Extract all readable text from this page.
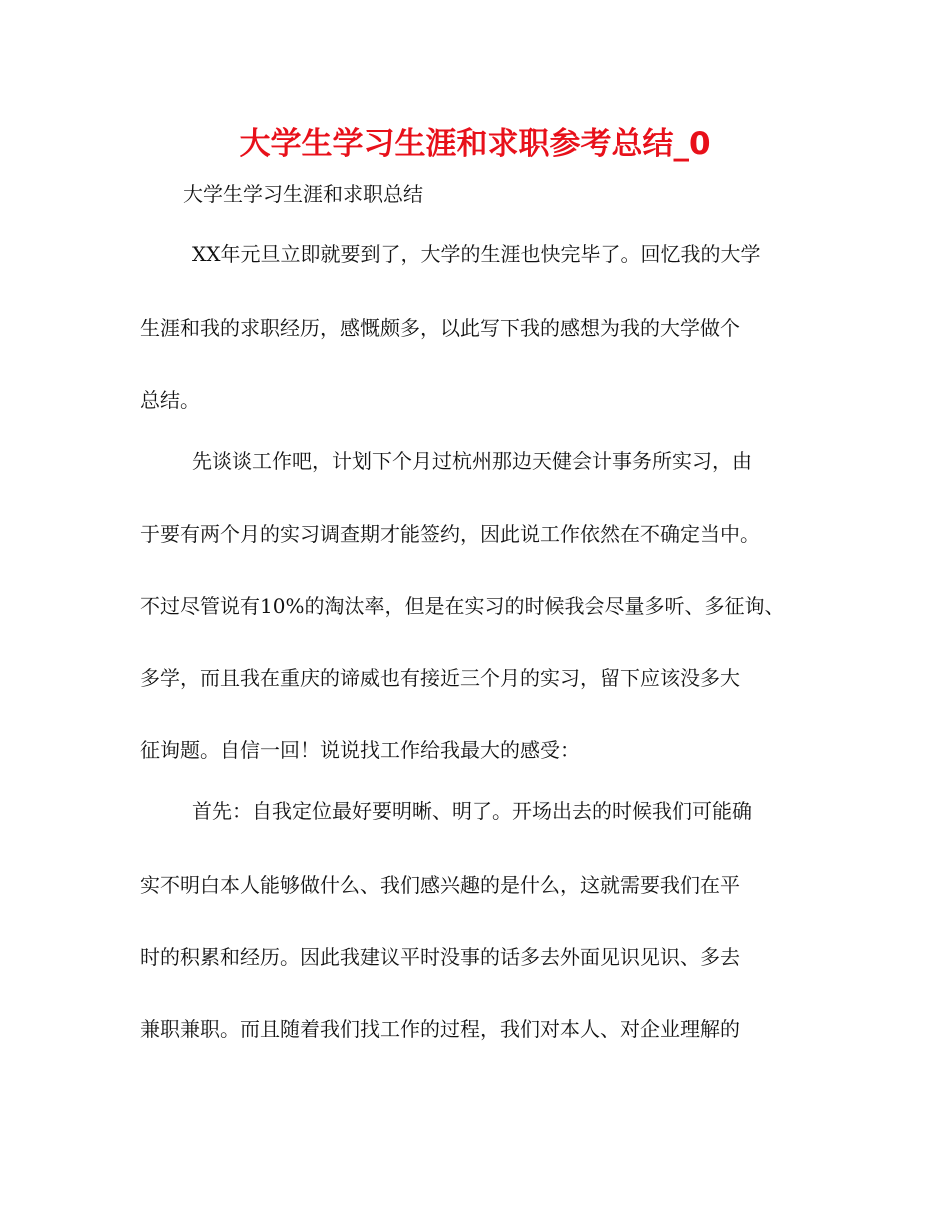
大学生学习生涯和求职参考总结_0
大学生学习生涯和求职总结
XX年元旦立即就要到了，大学的生涯也快完毕了。回忆我的大学
生涯和我的求职经历，感慨颇多，以此写下我的感想为我的大学做个
总结。
先谈谈工作吧，计划下个月过杭州那边天健会计事务所实习，由
于要有两个月的实习调查期才能签约，因此说工作依然在不确定当中。
不过尽管说有10%的淘汰率，但是在实习的时候我会尽量多听、多征询、
多学，而且我在重庆的谛威也有接近三个月的实习，留下应该没多大
征询题。自信一回！说说找工作给我最大的感受：
首先：自我定位最好要明晰、明了。开场出去的时候我们可能确
实不明白本人能够做什么、我们感兴趣的是什么，这就需要我们在平
时的积累和经历。因此我建议平时没事的话多去外面见识见识、多去
兼职兼职。而且随着我们找工作的过程，我们对本人、对企业理解的
